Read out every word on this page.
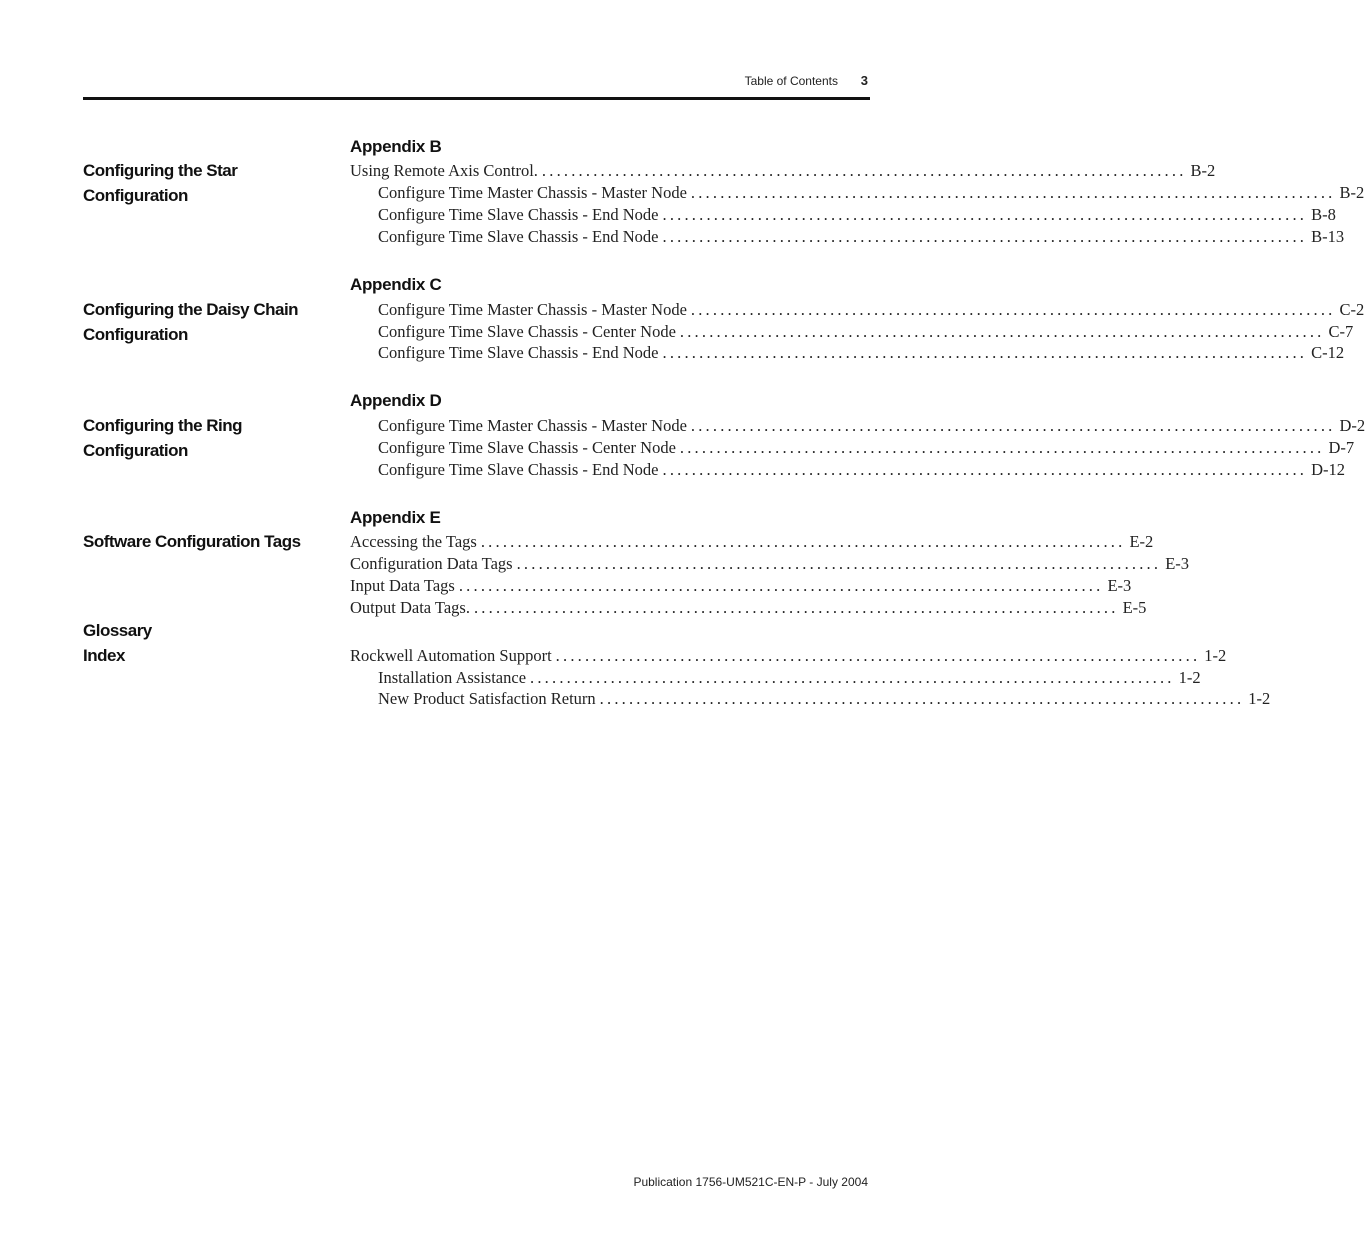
Table of Contents 3
Appendix B
Configuring the Star Configuration
Using Remote Axis Control. ........................................................................................ B-2
Configure Time Master Chassis - Master Node ........................................................................................ B-2
Configure Time Slave Chassis - End Node ........................................................................................ B-8
Configure Time Slave Chassis - End Node ........................................................................................ B-13
Appendix C
Configuring the Daisy Chain
Configuration
Configure Time Master Chassis - Master Node ........................................................................................ C-2
Configure Time Slave Chassis - Center Node ........................................................................................ C-7
Configure Time Slave Chassis - End Node ........................................................................................ C-12
Appendix D
Configuring the Ring Configuration
Configure Time Master Chassis - Master Node ........................................................................................ D-2
Configure Time Slave Chassis - Center Node ........................................................................................ D-7
Configure Time Slave Chassis - End Node ........................................................................................ D-12
Appendix E
Software Configuration Tags	Accessing the Tags ........................................................................................ E-2
Configuration Data Tags ........................................................................................ E-3
Input Data Tags ........................................................................................ E-3
Output Data Tags. ........................................................................................ E-5
Glossary
Index	Rockwell Automation Support ........................................................................................ 1-2
Installation Assistance ........................................................................................ 1-2
New Product Satisfaction Return ........................................................................................ 1-2
Publication 1756-UM521C-EN-P - July 2004
